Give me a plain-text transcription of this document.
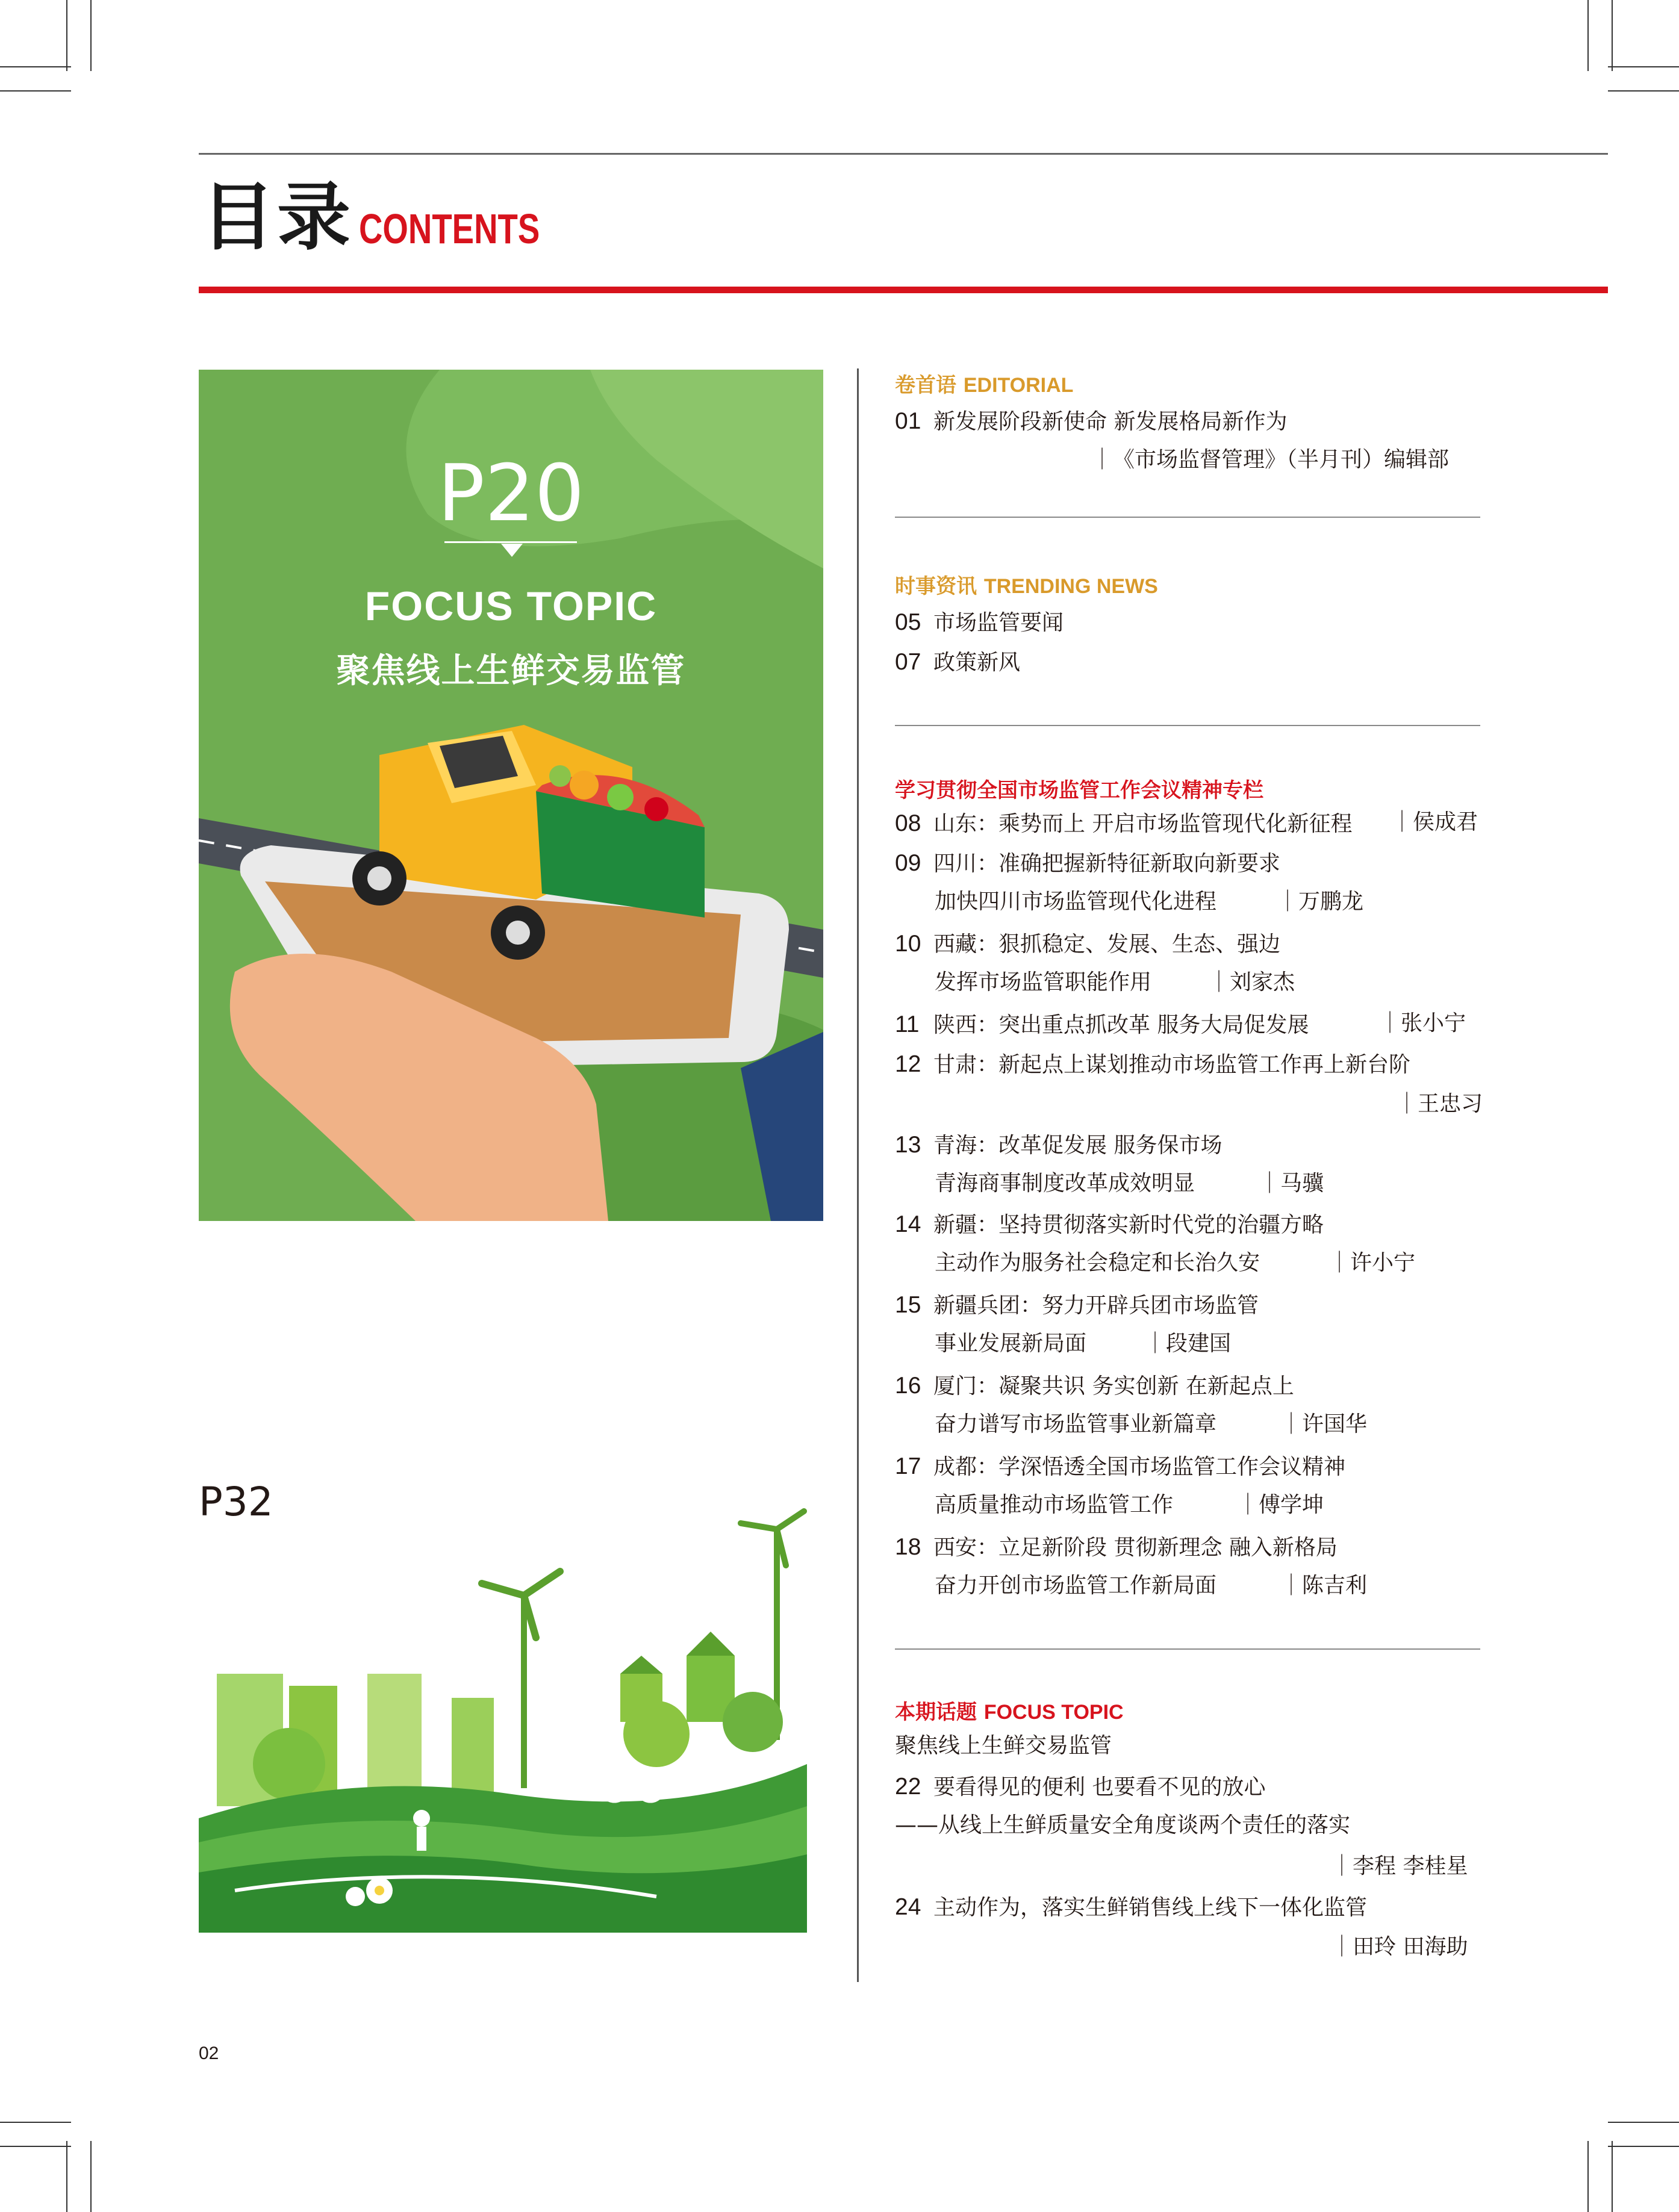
目录 CONTENTS
P20
FOCUS TOPIC
聚焦线上生鲜交易监管
P32
卷首语 EDITORIAL
01 新发展阶段新使命 新发展格局新作为
｜《市场监督管理》（半月刊）编辑部
时事资讯 TRENDING NEWS
05 市场监管要闻
07 政策新风
学习贯彻全国市场监管工作会议精神专栏
08 山东：乘势而上 开启市场监管现代化新征程 ｜侯成君
09 四川：准确把握新特征新取向新要求
加快四川市场监管现代化进程	｜万鹏龙
10 西藏：狠抓稳定、发展、生态、强边
发挥市场监管职能作用	｜刘家杰
11 陕西：突出重点抓改革 服务大局促发展	｜张小宁
12 甘肃：新起点上谋划推动市场监管工作再上新台阶
｜王忠习
13 青海：改革促发展 服务保市场
青海商事制度改革成效明显	｜马骥
14 新疆：坚持贯彻落实新时代党的治疆方略
主动作为服务社会稳定和长治久安	｜许小宁
15 新疆兵团：努力开辟兵团市场监管
事业发展新局面	｜段建国
16 厦门：凝聚共识 务实创新 在新起点上
奋力谱写市场监管事业新篇章	｜许国华
17 成都：学深悟透全国市场监管工作会议精神
高质量推动市场监管工作	｜傅学坤
18 西安：立足新阶段 贯彻新理念 融入新格局
奋力开创市场监管工作新局面	｜陈吉利
本期话题 FOCUS TOPIC
聚焦线上生鲜交易监管
22 要看得见的便利 也要看不见的放心
——从线上生鲜质量安全角度谈两个责任的落实
｜李程 李桂星
24 主动作为，落实生鲜销售线上线下一体化监管
｜田玲 田海助
02
